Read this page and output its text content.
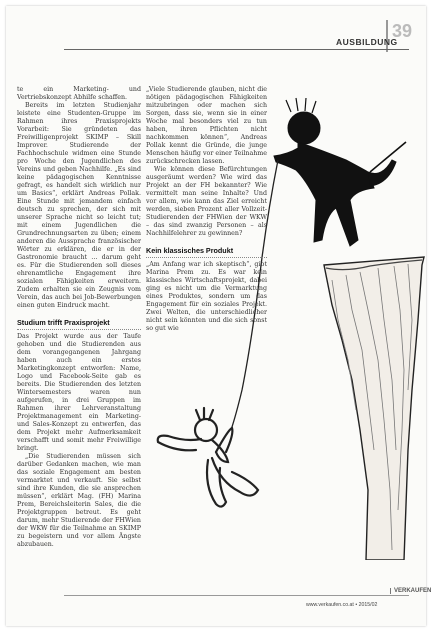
39
AUSBILDUNG

te ein Marketing- und Vertriebskonzept Abhilfe schaffen.

Bereits im letzten Studienjahr leistete eine Studenten-Gruppe im Rahmen ihres Praxisprojekts Vorarbeit: Sie gründeten das Freiwilligenprojekt SKIMP – Skill Improver. Studierende der Fachhochschule widmen eine Stunde pro Woche den Jugendlichen des Vereins und geben Nachhilfe. „Es sind keine pädagogischen Kenntnisse gefragt, es handelt sich wirklich nur um Basics“, erklärt Andreas Pollak. Eine Stunde mit jemandem einfach deutsch zu sprechen, der sich mit unserer Sprache nicht so leicht tut; mit einem Jugendlichen die Grundrechnungsarten zu üben; einem anderen die Aussprache französischer Wörter zu erklären, die er in der Gastronomie braucht … darum geht es. Für die Studierenden soll dieses ehrenamtliche Engagement ihre sozialen Fähigkeiten erweitern. Zudem erhalten sie ein Zeugnis vom Verein, das auch bei Job-Bewerbungen einen guten Eindruck macht.

Studium trifft Praxisprojekt

Das Projekt wurde aus der Taufe gehoben und die Studierenden aus dem vorangegangenen Jahrgang haben auch ein erstes Marketingkonzept entworfen: Name, Logo und Facebook-Seite gab es bereits. Die Studierenden des letzten Wintersemesters waren nun aufgerufen, in drei Gruppen im Rahmen ihrer Lehrveranstaltung Projektmanagement ein Marketing- und Sales-Konzept zu entwerfen, das dem Projekt mehr Aufmerksamkeit verschafft und somit mehr Freiwillige bringt.

„Die Studierenden müssen sich darüber Gedanken machen, wie man das soziale Engagement am besten vermarktet und verkauft. Sie selbst sind ihre Kunden, die sie ansprechen müssen“, erklärt Mag. (FH) Marina Prem, Bereichsleiterin Sales, die die Projektgruppen betreut. Es geht darum, mehr Studierende der FHWien der WKW für die Teilnahme an SKIMP zu begeistern und vor allem Ängste abzubauen.

„Viele Studierende glauben, nicht die nötigen pädagogischen Fähigkeiten mitzubringen oder machen sich Sorgen, dass sie, wenn sie in einer Woche mal besonders viel zu tun haben, ihren Pflichten nicht nachkommen können“, Andreas Pollak kennt die Gründe, die junge Menschen häufig vor einer Teilnahme zurückschrecken lassen.

Wie können diese Befürchtungen ausgeräumt werden? Wie wird das Projekt an der FH bekannter? Wie vermittelt man seine Inhalte? Und vor allem, wie kann das Ziel erreicht werden, sieben Prozent aller Vollzeit-Studierenden der FHWien der WKW – das sind zwanzig Personen – als Nachhilfelehrer zu gewinnen?

Kein klassisches Produkt

„Am Anfang war ich skeptisch“, gibt Marina Prem zu. Es war kein klassisches Wirtschaftsprojekt, dabei ging es nicht um die Vermarktung eines Produktes, sondern um das Engagement für ein soziales Projekt. Zwei Welten, die unterschiedlicher nicht sein könnten und die sich sonst so gut wie

VERKAUFEN
www.verkaufen.co.at • 2015/02
